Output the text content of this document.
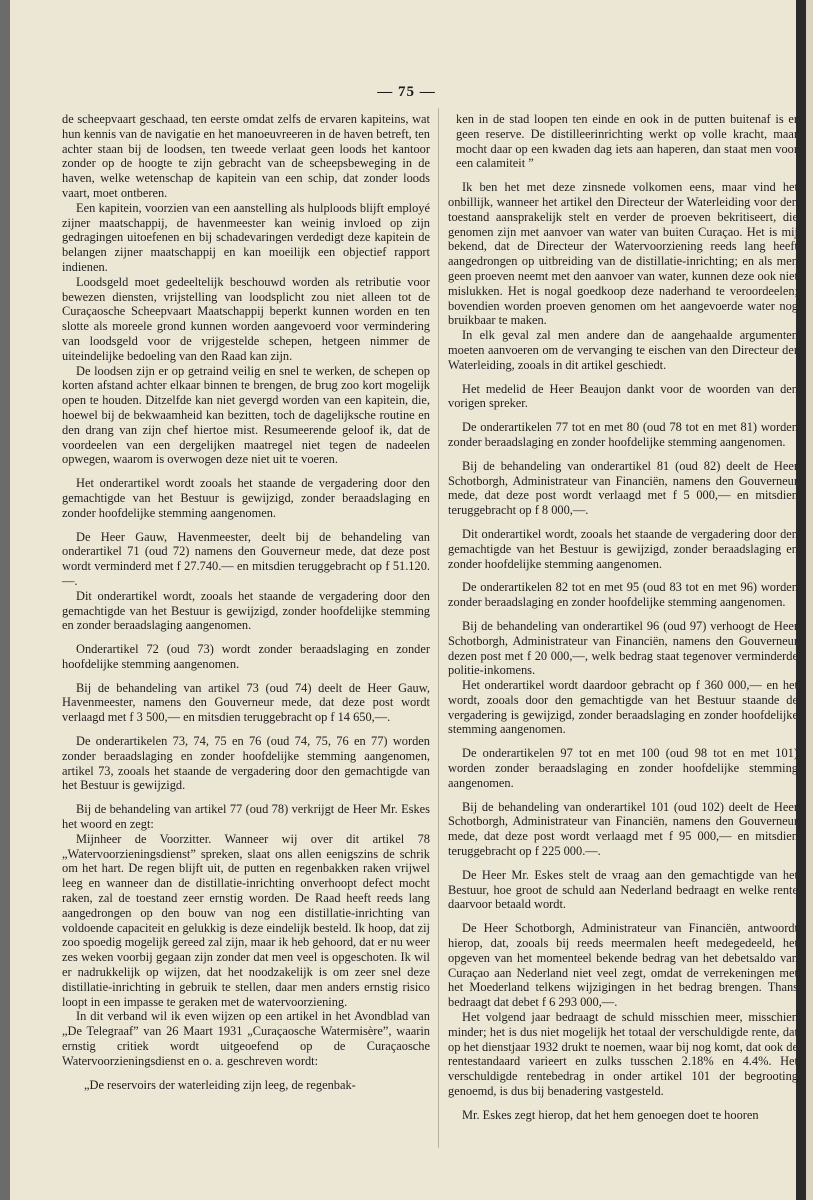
— 75 —

de scheepvaart geschaad, ten eerste omdat zelfs de ervaren kapiteins, wat hun kennis van de navigatie en het manoeuvreeren in de haven betreft, ten achter staan bij de loodsen, ten tweede verlaat geen loods het kantoor zonder op de hoogte te zijn gebracht van de scheepsbeweging in de haven, welke wetenschap de kapitein van een schip, dat zonder loods vaart, moet ontberen.

Een kapitein, voorzien van een aanstelling als hulploods blijft employé zijner maatschappij, de havenmeester kan weinig invloed op zijn gedragingen uitoefenen en bij schadevaringen verdedigt deze kapitein de belangen zijner maatschappij en kan moeilijk een objectief rapport indienen.

Loodsgeld moet gedeeltelijk beschouwd worden als retributie voor bewezen diensten, vrijstelling van loodsplicht zou niet alleen tot de Curaçaosche Scheepvaart Maatschappij beperkt kunnen worden en ten slotte als moreele grond kunnen worden aangevoerd voor vermindering van loodsgeld voor de vrijgestelde schepen, hetgeen nimmer de uiteindelijke bedoeling van den Raad kan zijn.

De loodsen zijn er op getraind veilig en snel te werken, de schepen op korten afstand achter elkaar binnen te brengen, de brug zoo kort mogelijk open te houden. Ditzelfde kan niet gevergd worden van een kapitein, die, hoewel bij de bekwaamheid kan bezitten, toch de dagelijksche routine en den drang van zijn chef hiertoe mist. Resumeerende geloof ik, dat de voordeelen van een dergelijken maatregel niet tegen de nadeelen opwegen, waarom is overwogen deze niet uit te voeren.

Het onderartikel wordt zooals het staande de vergadering door den gemachtigde van het Bestuur is gewijzigd, zonder beraadslaging en zonder hoofdelijke stemming aangenomen.

De Heer Gauw, Havenmeester, deelt bij de behandeling van onderartikel 71 (oud 72) namens den Gouverneur mede, dat deze post wordt verminderd met f 27.740.— en mitsdien teruggebracht op f 51.120.—.

Dit onderartikel wordt, zooals het staande de vergadering door den gemachtigde van het Bestuur is gewijzigd, zonder hoofdelijke stemming en zonder beraadslaging aangenomen.

Onderartikel 72 (oud 73) wordt zonder beraadslaging en zonder hoofdelijke stemming aangenomen.

Bij de behandeling van artikel 73 (oud 74) deelt de Heer Gauw, Havenmeester, namens den Gouverneur mede, dat deze post wordt verlaagd met f 3 500,— en mitsdien teruggebracht op f 14 650,—.

De onderartikelen 73, 74, 75 en 76 (oud 74, 75, 76 en 77) worden zonder beraadslaging en zonder hoofdelijke stemming aangenomen, artikel 73, zooals het staande de vergadering door den gemachtigde van het Bestuur is gewijzigd.

Bij de behandeling van artikel 77 (oud 78) verkrijgt de Heer Mr. Eskes het woord en zegt:

Mijnheer de Voorzitter. Wanneer wij over dit artikel 78 „Watervoorzieningsdienst” spreken, slaat ons allen eenigszins de schrik om het hart. De regen blijft uit, de putten en regenbakken raken vrijwel leeg en wanneer dan de distillatie-inrichting onverhoopt defect mocht raken, zal de toestand zeer ernstig worden. De Raad heeft reeds lang aangedrongen op den bouw van nog een distillatie-inrichting van voldoende capaciteit en gelukkig is deze eindelijk besteld. Ik hoop, dat zij zoo spoedig mogelijk gereed zal zijn, maar ik heb gehoord, dat er nu weer zes weken voorbij gegaan zijn zonder dat men veel is opgeschoten. Ik wil er nadrukkelijk op wijzen, dat het noodzakelijk is om zeer snel deze distillatie-inrichting in gebruik te stellen, daar men anders ernstig risico loopt in een impasse te geraken met de watervoorziening.

In dit verband wil ik even wijzen op een artikel in het Avondblad van „De Telegraaf” van 26 Maart 1931 „Curaçaosche Watermisère”, waarin ernstig critiek wordt uitgeoefend op de Curaçaosche Watervoorzieningsdienst en o. a. geschreven wordt:

„De reservoirs der waterleiding zijn leeg, de regenbak-

ken in de stad loopen ten einde en ook in de putten buitenaf is er geen reserve. De distilleerinrichting werkt op volle kracht, maar mocht daar op een kwaden dag iets aan haperen, dan staat men voor een calamiteit ”

Ik ben het met deze zinsnede volkomen eens, maar vind het onbillijk, wanneer het artikel den Directeur der Waterleiding voor den toestand aansprakelijk stelt en verder de proeven bekritiseert, die genomen zijn met aanvoer van water van buiten Curaçao. Het is mij bekend, dat de Directeur der Watervoorziening reeds lang heeft aangedrongen op uitbreiding van de distillatie-inrichting; en als men geen proeven neemt met den aanvoer van water, kunnen deze ook niet mislukken. Het is nogal goedkoop deze naderhand te veroordeelen; bovendien worden proeven genomen om het aangevoerde water nog bruikbaar te maken.

In elk geval zal men andere dan de aangehaalde argumenten moeten aanvoeren om de vervanging te eischen van den Directeur der Waterleiding, zooals in dit artikel geschiedt.

Het medelid de Heer Beaujon dankt voor de woorden van den vorigen spreker.

De onderartikelen 77 tot en met 80 (oud 78 tot en met 81) worden zonder beraadslaging en zonder hoofdelijke stemming aangenomen.

Bij de behandeling van onderartikel 81 (oud 82) deelt de Heer Schotborgh, Administrateur van Financiën, namens den Gouverneur mede, dat deze post wordt verlaagd met f 5 000,— en mitsdien teruggebracht op f 8 000,—.

Dit onderartikel wordt, zooals het staande de vergadering door den gemachtigde van het Bestuur is gewijzigd, zonder beraadslaging en zonder hoofdelijke stemming aangenomen.

De onderartikelen 82 tot en met 95 (oud 83 tot en met 96) worden zonder beraadslaging en zonder hoofdelijke stemming aangenomen.

Bij de behandeling van onderartikel 96 (oud 97) verhoogt de Heer Schotborgh, Administrateur van Financiën, namens den Gouverneur dezen post met f 20 000,—, welk bedrag staat tegenover verminderde politie-inkomens.

Het onderartikel wordt daardoor gebracht op f 360 000,— en het wordt, zooals door den gemachtigde van het Bestuur staande de vergadering is gewijzigd, zonder beraadslaging en zonder hoofdelijke stemming aangenomen.

De onderartikelen 97 tot en met 100 (oud 98 tot en met 101) worden zonder beraadslaging en zonder hoofdelijke stemming aangenomen.

Bij de behandeling van onderartikel 101 (oud 102) deelt de Heer Schotborgh, Administrateur van Financiën, namens den Gouverneur mede, dat deze post wordt verlaagd met f 95 000,— en mitsdien teruggebracht op f 225 000.—.

De Heer Mr. Eskes stelt de vraag aan den gemachtigde van het Bestuur, hoe groot de schuld aan Nederland bedraagt en welke rente daarvoor betaald wordt.

De Heer Schotborgh, Administrateur van Financiën, antwoordt hierop, dat, zooals bij reeds meermalen heeft medegedeeld, het opgeven van het momenteel bekende bedrag van het debetsaldo van Curaçao aan Nederland niet veel zegt, omdat de verrekeningen met het Moederland telkens wijzigingen in het bedrag brengen. Thans bedraagt dat debet f 6 293 000,—.

Het volgend jaar bedraagt de schuld misschien meer, misschien minder; het is dus niet mogelijk het totaal der verschuldigde rente, dat op het dienstjaar 1932 drukt te noemen, waar bij nog komt, dat ook de rentestandaard varieert en zulks tusschen 2.18% en 4.4%. Het verschuldigde rentebedrag in onder artikel 101 der begrooting genoemd, is dus bij benadering vastgesteld.

Mr. Eskes zegt hierop, dat het hem genoegen doet te hooren
